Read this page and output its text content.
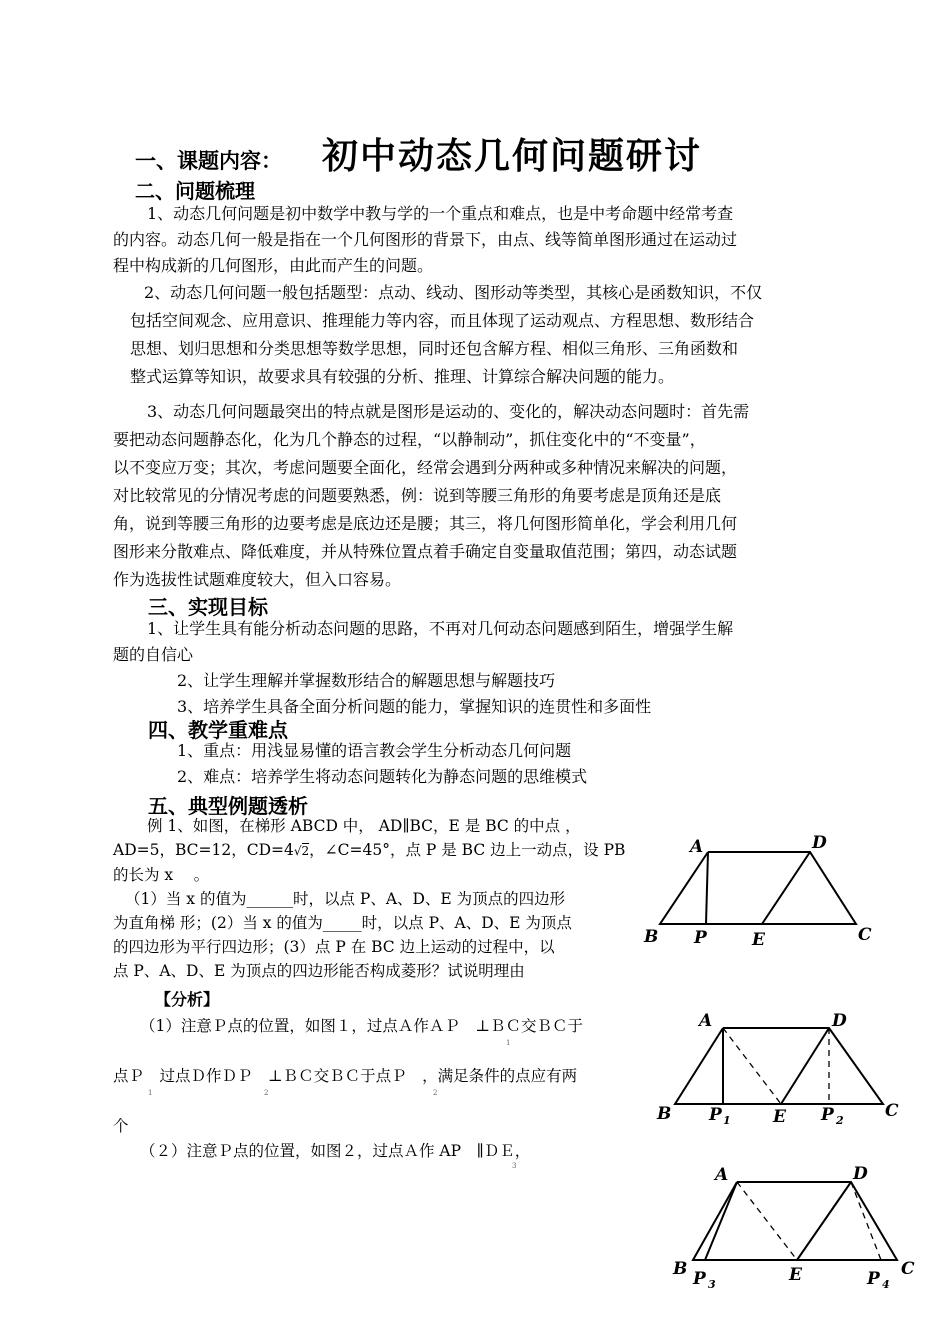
一、课题内容： 初中动态几何问题研讨
二、问题梳理
1、动态几何问题是初中数学中教与学的一个重点和难点，也是中考命题中经常考查
的内容。动态几何一般是指在一个几何图形的背景下，由点、线等简单图形通过在运动过
程中构成新的几何图形，由此而产生的问题。
2、动态几何问题一般包括题型：点动、线动、图形动等类型，其核心是函数知识，不仅
包括空间观念、应用意识、推理能力等内容，而且体现了运动观点、方程思想、数形结合
思想、划归思想和分类思想等数学思想，同时还包含解方程、相似三角形、三角函数和
整式运算等知识，故要求具有较强的分析、推理、计算综合解决问题的能力。
3、动态几何问题最突出的特点就是图形是运动的、变化的，解决动态问题时：首先需
要把动态问题静态化，化为几个静态的过程，“以静制动”，抓住变化中的“不变量”，
以不变应万变；其次，考虑问题要全面化，经常会遇到分两种或多种情况来解决的问题，
对比较常见的分情况考虑的问题要熟悉，例：说到等腰三角形的角要考虑是顶角还是底
角，说到等腰三角形的边要考虑是底边还是腰；其三，将几何图形简单化，学会利用几何
图形来分散难点、降低难度，并从特殊位置点着手确定自变量取值范围；第四，动态试题
作为选拔性试题难度较大，但入口容易。
三、实现目标
1、让学生具有能分析动态问题的思路，不再对几何动态问题感到陌生，增强学生解
题的自信心
2、让学生理解并掌握数形结合的解题思想与解题技巧
3、培养学生具备全面分析问题的能力，掌握知识的连贯性和多面性
四、教学重难点
1、重点：用浅显易懂的语言教会学生分析动态几何问题
2、难点：培养学生将动态问题转化为静态问题的思维模式
五、典型例题透析
例 1、如图，在梯形 ABCD 中， AD∥BC，E 是 BC 的中点 ，
AD=5，BC=12，CD=4√2，∠C=45°，点 P 是 BC 边上一动点，设 PB
的长为 x　 。
（1）当 x 的值为______时，以点 P、A、D、E 为顶点的四边形
为直角梯 形；(2）当 x 的值为_____时，以点 P、A、D、E 为顶点
的四边形为平行四边形；(3）点 P 在 BC 边上运动的过程中，以
点 P、A、D、E 为顶点的四边形能否构成菱形？试说明理由
【分析】
（1）注意Ｐ点的位置，如图１，过点Ａ作ＡＰ　⊥ＢＣ交ＢＣ于
1
点Ｐ　过点Ｄ作ＤＰ　⊥ＢＣ交ＢＣ于点Ｐ　，满足条件的点应有两
1	2	2
个
（２）注意Ｐ点的位置，如图２，过点Ａ作 AP　∥ＤＥ，
3
A	D
B P	E	C
A	D
B P 1 E P 2 C
A	D
B P 3	E	P 4
C
